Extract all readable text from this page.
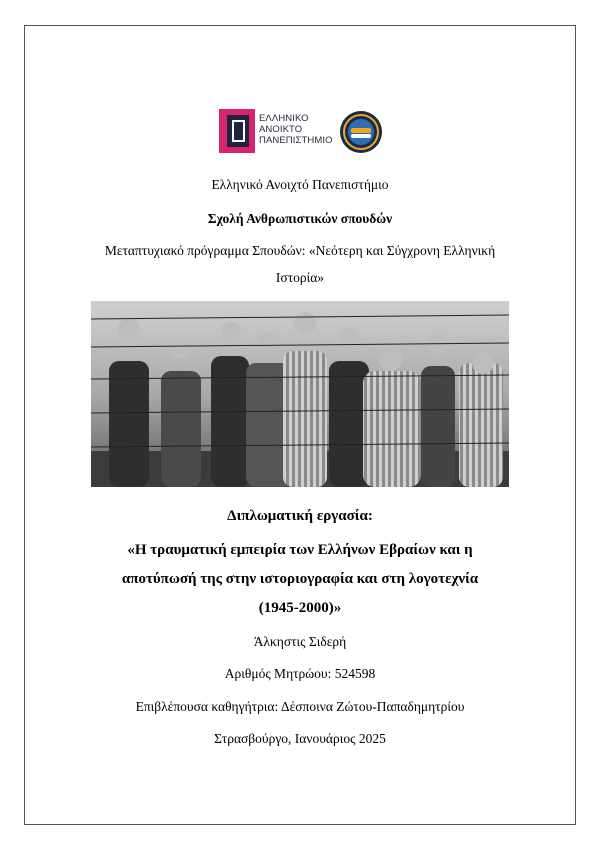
ΕΛΛΗΝΙΚΟ
ΑΝΟΙΚΤΟ
ΠΑΝΕΠΙΣΤΗΜΙΟ
Ελληνικό Ανοιχτό Πανεπιστήμιο
Σχολή Ανθρωπιστικών σπουδών
Μεταπτυχιακό πρόγραμμα Σπουδών: «Νεότερη και Σύγχρονη Ελληνική
Ιστορία»
Διπλωματική εργασία:
«Η τραυματική εμπειρία των Ελλήνων Εβραίων και η
αποτύπωσή της στην ιστοριογραφία και στη λογοτεχνία
(1945-2000)»
Άλκηστις Σιδερή
Αριθμός Μητρώου: 524598
Επιβλέπουσα καθηγήτρια: Δέσποινα Ζώτου-Παπαδημητρίου
Στρασβούργο, Ιανουάριος 2025
